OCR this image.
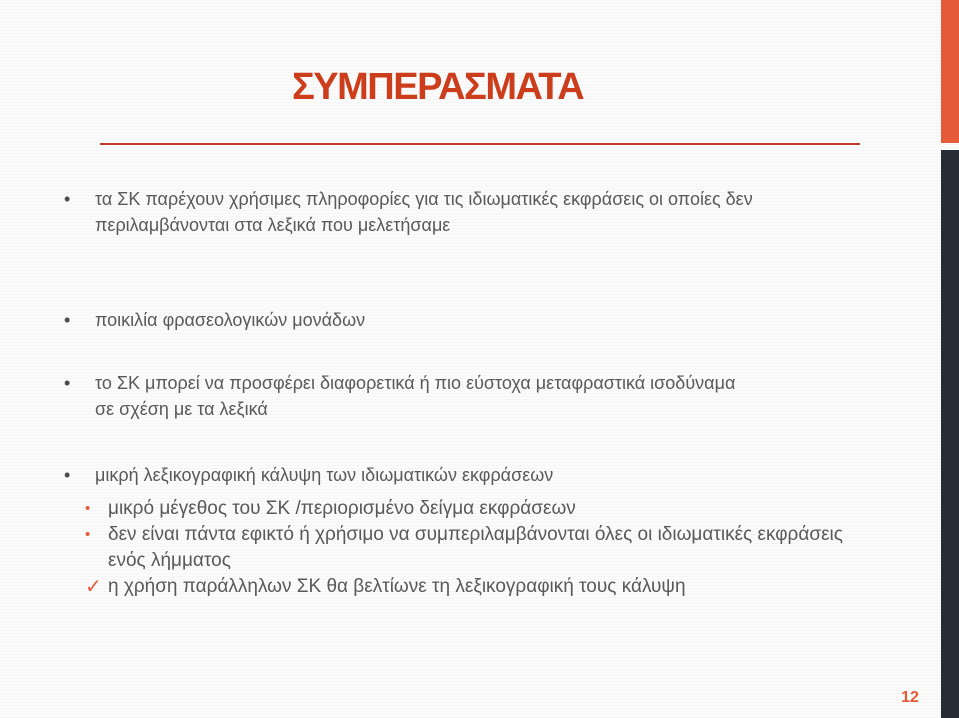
ΣΥΜΠΕΡΑΣΜΑΤΑ
• τα ΣΚ παρέχουν χρήσιμες πληροφορίες για τις ιδιωματικές εκφράσεις οι οποίες δεν περιλαμβάνονται στα λεξικά που μελετήσαμε
• ποικιλία φρασεολογικών μονάδων
• το ΣΚ μπορεί να προσφέρει διαφορετικά ή πιο εύστοχα μεταφραστικά ισοδύναμα σε σχέση με τα λεξικά
• μικρή λεξικογραφική κάλυψη των ιδιωματικών εκφράσεων
• μικρό μέγεθος του ΣΚ /περιορισμένο δείγμα εκφράσεων
• δεν είναι πάντα εφικτό ή χρήσιμο να συμπεριλαμβάνονται όλες οι ιδιωματικές εκφράσεις ενός λήμματος
✓ η χρήση παράλληλων ΣΚ θα βελτίωνε τη λεξικογραφική τους κάλυψη
12
